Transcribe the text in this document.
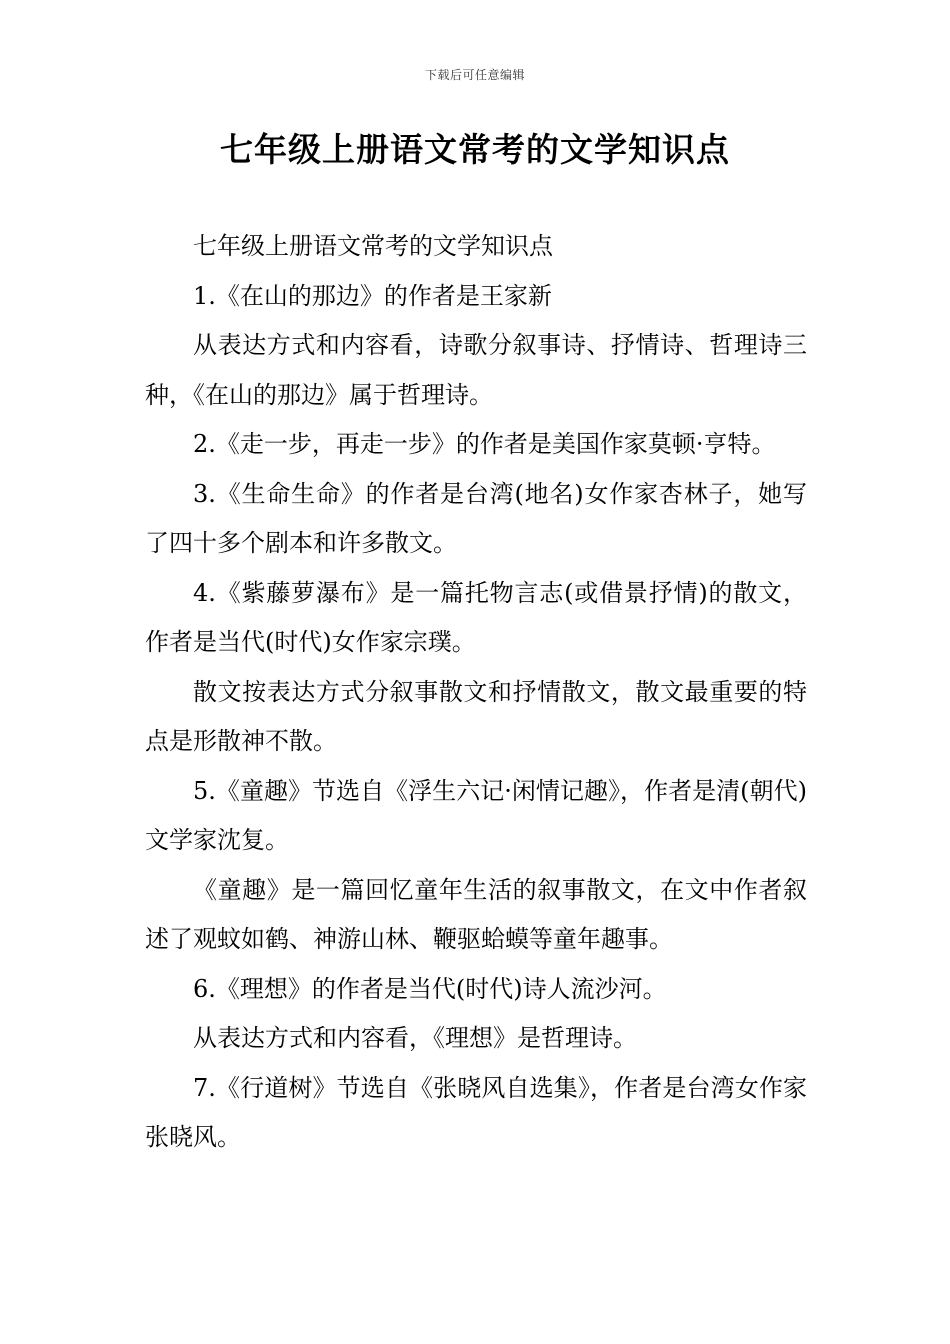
下载后可任意编辑
七年级上册语文常考的文学知识点

七年级上册语文常考的文学知识点

1.《在山的那边》的作者是王家新

从表达方式和内容看，诗歌分叙事诗、抒情诗、哲理诗三种，《在山的那边》属于哲理诗。

2.《走一步，再走一步》的作者是美国作家莫顿·亨特。

3.《生命生命》的作者是台湾(地名)女作家杏林子，她写了四十多个剧本和许多散文。

4.《紫藤萝瀑布》是一篇托物言志(或借景抒情)的散文，作者是当代(时代)女作家宗璞。

散文按表达方式分叙事散文和抒情散文，散文最重要的特点是形散神不散。

5.《童趣》节选自《浮生六记·闲情记趣》，作者是清(朝代)文学家沈复。

《童趣》是一篇回忆童年生活的叙事散文，在文中作者叙述了观蚊如鹤、神游山林、鞭驱蛤蟆等童年趣事。

6.《理想》的作者是当代(时代)诗人流沙河。

从表达方式和内容看，《理想》是哲理诗。

7.《行道树》节选自《张晓风自选集》，作者是台湾女作家张晓风。
